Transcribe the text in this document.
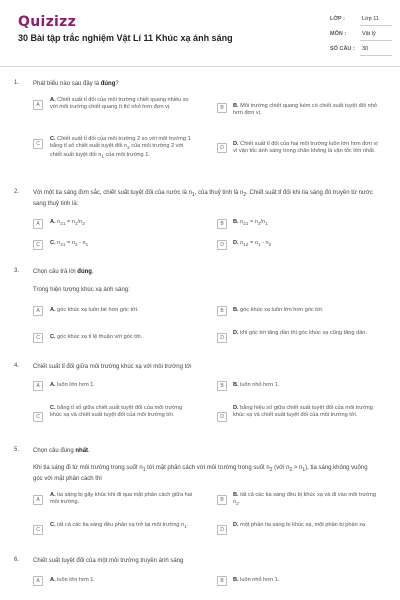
Quizizz
30 Bài tập trắc nghiệm Vật Lí 11 Khúc xạ ánh sáng
LỚP :	Lớp 11
MÔN :	Vật lý
SỐ CÂU : 30
1. Phát biểu nào sau đây là đúng?
A
A. Chiết suất tỉ đối của môi trường chiết quang nhiều so với môi trường chiết quang ít thì nhỏ hơn đơn vị.	B	B. Môi trường chiết quang kém có chiết suất tuyệt đối nhỏ hơn đơn vị.
C
C. Chiết suất tỉ đối của môi trường 2 so với môi trường 1 bằng tỉ số chiết suất tuyệt đối $n_2$ của môi trường 2 với chiết suất tuyệt đối $n_1$ của môi trường 1.
D
D. Chiết suất tỉ đối của hai môi trường luôn lớn hơn đơn vị vì vận tốc ánh sáng trong chân không là vận tốc lớn nhất.
2. Với một tia sáng đơn sắc, chiết suất tuyệt đối của nước là $n_1$, của thuỷ tinh là $n_2$. Chiết suất tỉ đối khi tia sáng đó truyền từ nước sang thuỷ tinh là:
A	A. $n_{21} = n_1/n_2$	B	B. $n_{21} = n_2/n_1$
C	C. $n_{21} = n_2 - n_1$	D	D. $n_{12} = n_1 - n_2$
3. Chọn câu trả lời đúng.
Trong hiện tượng khúc xạ ánh sáng:
A	A. góc khúc xạ luôn bé hơn góc tới.	B	B. góc khúc xạ luôn lớn hơn góc tới.
C	C. góc khúc xạ tỉ lệ thuận với góc tới.	D
D. khi góc tới tăng dần thì góc khúc xạ cũng tăng dần.
4. Chiết suất tỉ đối giữa môi trường khúc xạ với môi trường tới
A	A. luôn lớn hơn 1.	B	B. luôn nhỏ hơn 1.
C
C. bằng tỉ số giữa chiết suất tuyệt đối của môi trường khúc xạ và chiết suất tuyệt đối của môi trường tới.	D
D. bằng hiệu số giữa chiết suất tuyệt đối của môi trường khúc xạ và chiết suất tuyệt đối của môi trường tới.
5. Chọn câu đúng nhất.
Khi tia sáng đi từ môi trường trong suốt $n_1$ tới mặt phân cách với môi trường trong suốt $n_2$ (với $n_2 > n_1$), tia sáng không vuông góc với mặt phân cách thì
A
A. tia sáng bị gãy khúc khi đi qua mặt phân cách giữa hai môi trường.	B
B. tất cả các tia sáng đều bị khúc xạ và đi vào môi trường $n_2$.
C
C. tất cả các tia sáng đều phản xạ trở lại môi trường $n_1$.
D
D. một phần tia sáng bị khúc xạ, một phần bị phản xạ
6. Chiết suất tuyệt đối của một môi trường truyền ánh sáng
A	A. luôn lớn hơn 1.	B	B. luôn nhỏ hơn 1.
